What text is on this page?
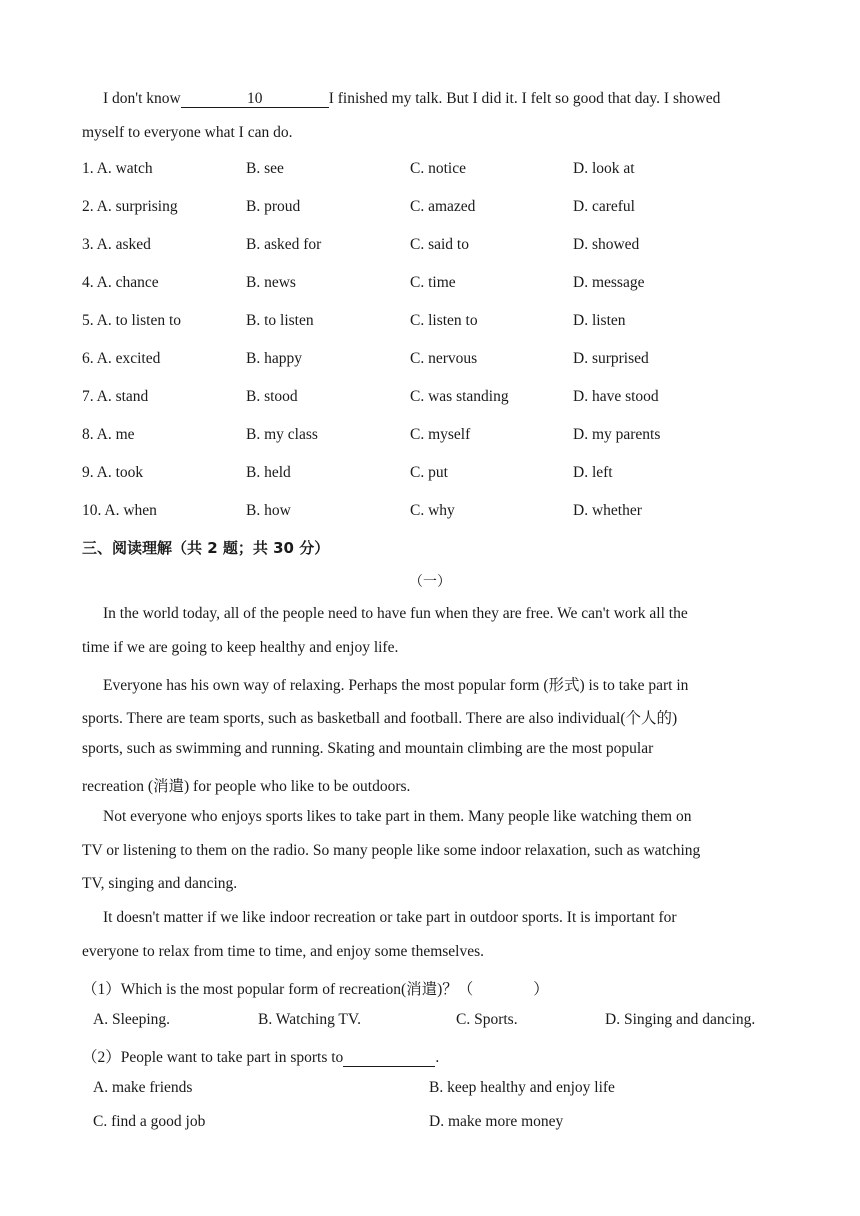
I don't know	10	I finished my talk. But I did it. I felt so good that day. I showed
myself to everyone what I can do.
1. A. watch	B. see	C. notice	D. look at
2. A. surprising	B. proud	C. amazed	D. careful
3. A. asked	B. asked for	C. said to	D. showed
4. A. chance	B. news	C. time	D. message
5. A. to listen to	B. to listen	C. listen to	D. listen
6. A. excited	B. happy	C. nervous	D. surprised
7. A. stand	B. stood	C. was standing	D. have stood
8. A. me	B. my class	C. myself	D. my parents
9. A. took	B. held	C. put	D. left
10. A. when	B. how	C. why	D. whether
三、阅读理解（共 2 题；共 30 分）
（一）
In the world today, all of the people need to have fun when they are free. We can't work all the
time if we are going to keep healthy and enjoy life.
Everyone has his own way of relaxing. Perhaps the most popular form (形式) is to take part in
sports. There are team sports, such as basketball and football. There are also individual(个人的)
sports, such as swimming and running. Skating and mountain climbing are the most popular
recreation (消遣) for people who like to be outdoors.
Not everyone who enjoys sports likes to take part in them. Many people like watching them on
TV or listening to them on the radio. So many people like some indoor relaxation, such as watching
TV, singing and dancing.
It doesn't matter if we like indoor recreation or take part in outdoor sports. It is important for
everyone to relax from time to time, and enjoy some themselves.
（1）Which is the most popular form of recreation(消遣)？（	）
A. Sleeping.	B. Watching TV.	C. Sports.	D. Singing and dancing.
（2）People want to take part in sports to	.
A. make friends	B. keep healthy and enjoy life
C. find a good job	D. make more money
